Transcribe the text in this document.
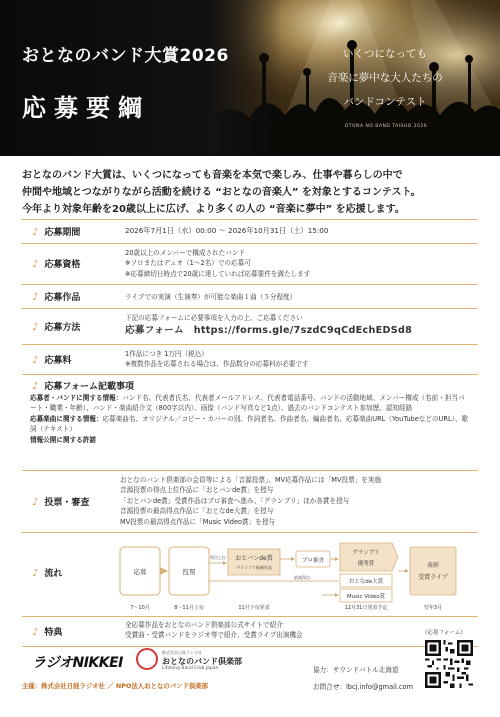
おとなのバンド大賞2026
応募要綱
いくつになっても
音楽に夢中な大人たちの
バンドコンテスト
OTONA NO BAND TAISHO 2026
おとなのバンド大賞は、いくつになっても音楽を本気で楽しみ、仕事や暮らしの中で
仲間や地域とつながりながら活動を続ける “おとなの音楽人” を対象とするコンテスト。
今年より対象年齢を20歳以上に広げ、より多くの人の “音楽に夢中” を応援します。
♪ 応募期間	2026年7月1日（水）00:00 ～ 2026年10月31日（土）15:00
♪ 応募資格
20歳以上のメンバーで構成されたバンド
※ソロまたはデュオ（1～2名）での応募可
※応募締切日時点で20歳に達していれば応募要件を満たします
♪ 応募作品	ライブでの実演（生演奏）が可能な楽曲１曲（５分程度）
♪ 応募方法
下記の応募フォームに必要事項を入力の上、ご応募ください
応募フォーム　https://forms.gle/7szdC9qCdEchEDSd8
♪ 応募料
1作品につき 1万円（税込）
※複数作品を応募される場合は、作品数分の応募料が必要です
♪ 応募フォーム記載事項
応募者・バンドに関する情報：バンド名、代表者氏名、代表者メールアドレス、代表者電話番号、バンドの活動地域、メンバー構成（名前・担当パート・職業・年齢）、バンド・楽曲紹介文（800字以内）、画像（バンド写真など1点）、過去のバンドコンテスト参加歴、認知経路
応募楽曲に関する情報：応募楽曲名、オリジナル／コピー・カバーの別、作詞者名、作曲者名、編曲者名、応募楽曲URL（YouTubeなどのURL）、歌詞（テキスト）
情報公開に関する許諾
♪ 投票・審査
おとなのバンド倶楽部の会員等による「音源投票」、MV応募作品には「MV投票」を実施
音源投票の得点上位作品に「おとバンde賞」を授与
「おとバンde賞」受賞作品はプロ審査へ進み、「グランプリ」ほか各賞を授与
音源投票の最高得点作品に「おとなde大賞」を授与
MV投票の最高得点作品に「Music Video賞」を授与
♪ 流れ	応募	投票
得点上位
最高得点
おとバンde賞
グランプリ候補作品
プロ審査
グランプリ
優秀賞
おとなde大賞
Music Video賞
表彰
受賞ライブ
7〜10月	8〜11月上旬	11月下旬発表	12月31日発表予定	翌年3月
♪ 特典
全応募作品をおとなのバンド倶楽部公式サイトで紹介
受賞曲・受賞バンドをラジオ等で紹介、受賞ライブ出演機会
ラジオNIKKEI
株式会社日経ラジオ社
おとなのバンド倶楽部
Lifelong Band Club Japan
主催：株式会社日経ラジオ社 ／ NPO法人おとなのバンド倶楽部
協力：サウンドバトル北海道
お問合せ：lbcj.info@gmail.com
《応募フォーム》
